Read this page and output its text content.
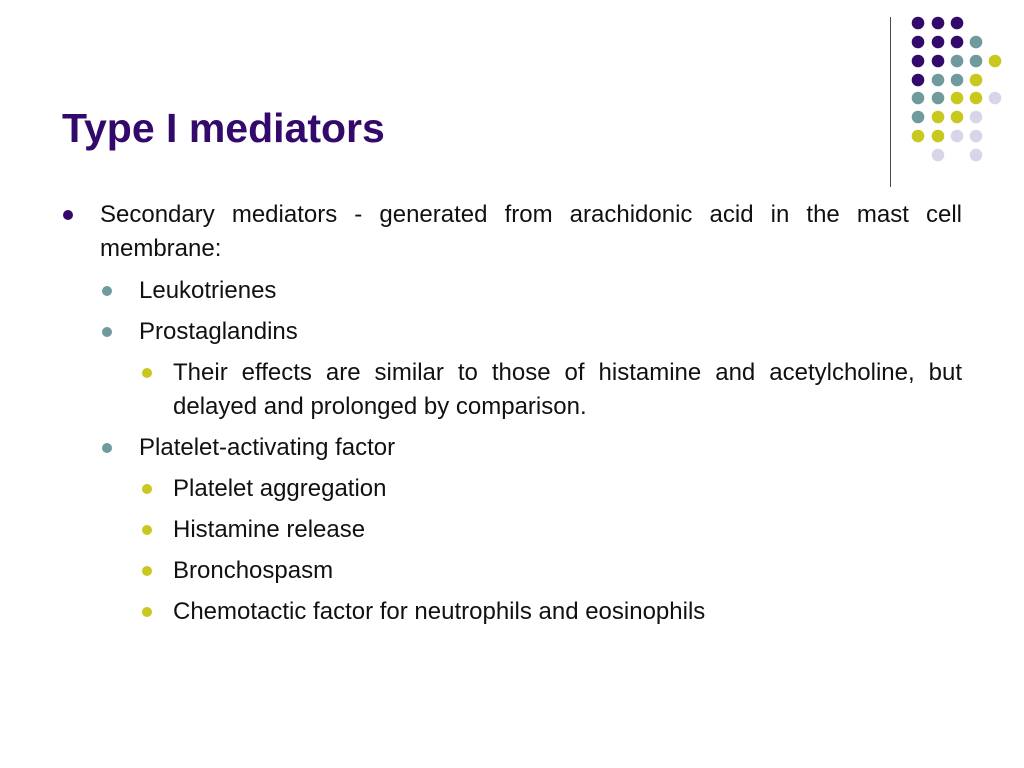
Type I mediators
Secondary mediators - generated from arachidonic acid in the mast cell membrane:
Leukotrienes
Prostaglandins
Their effects are similar to those of histamine and acetylcholine, but delayed and prolonged by comparison.
Platelet-activating factor
Platelet aggregation
Histamine release
Bronchospasm
Chemotactic factor for neutrophils and eosinophils
